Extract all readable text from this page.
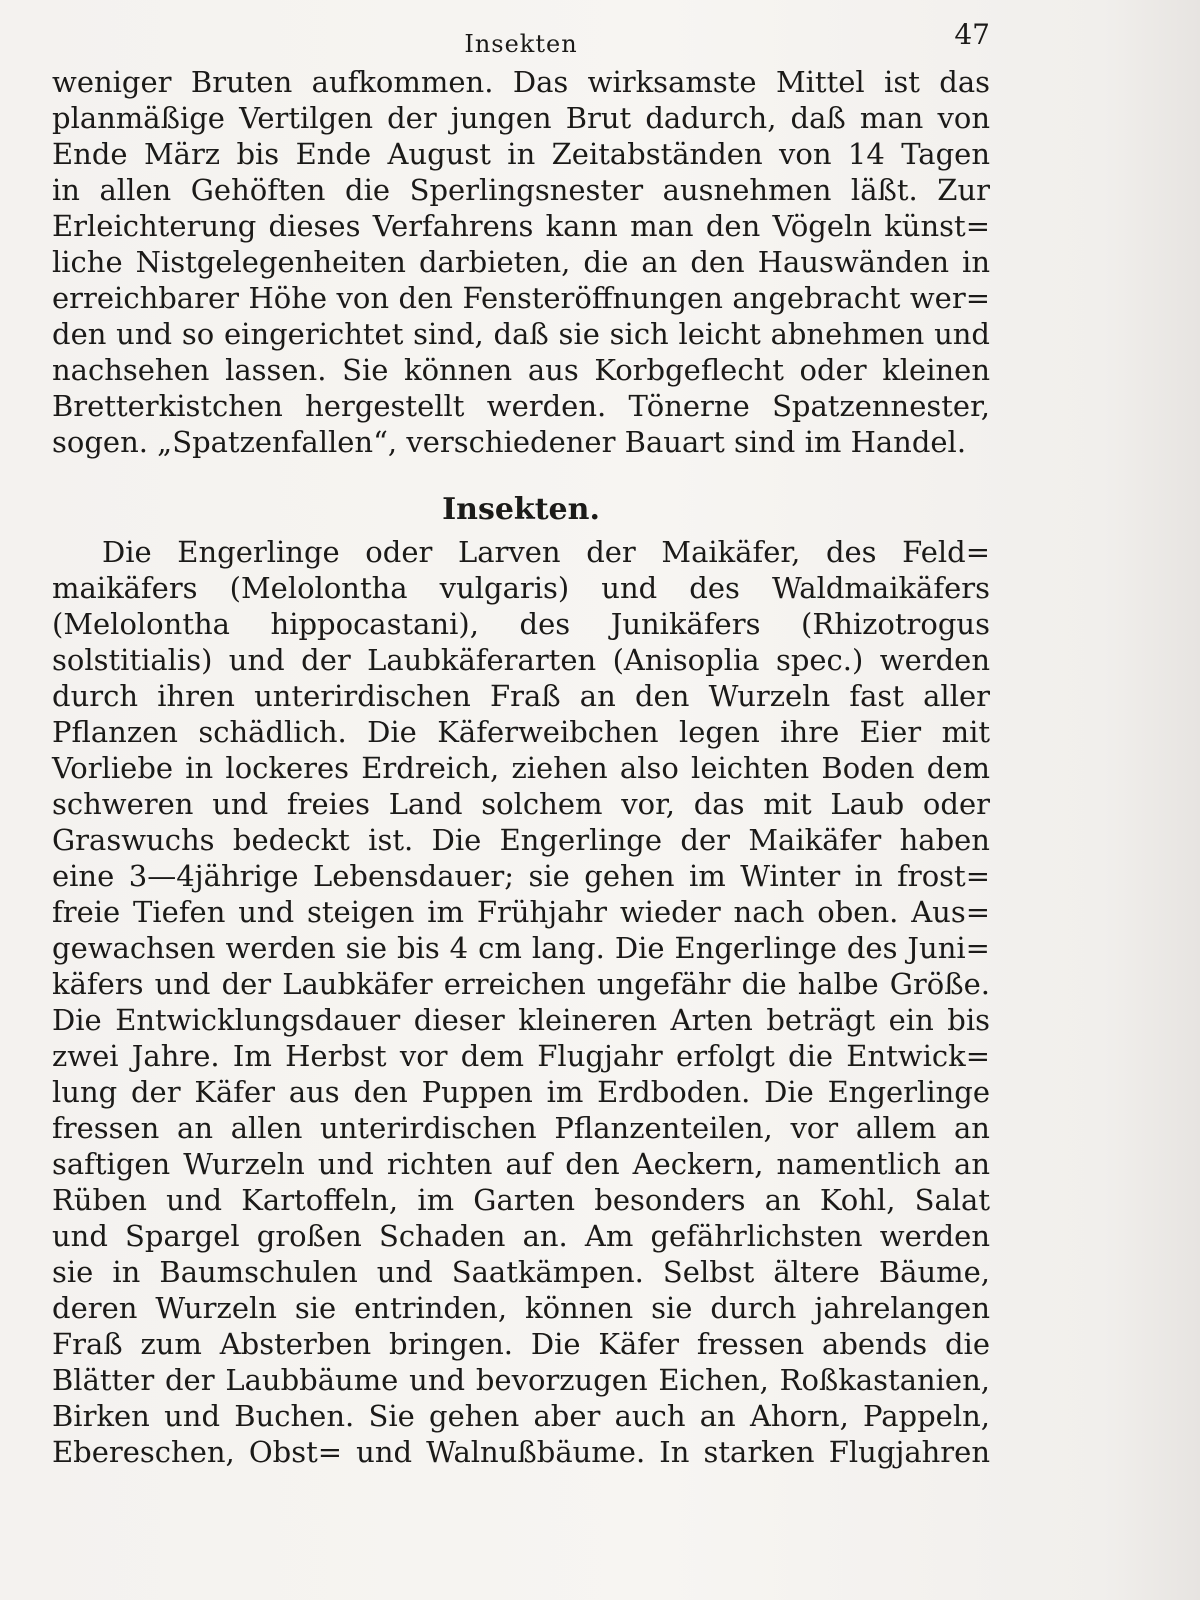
Insekten	47

weniger Bruten aufkommen. Das wirksamste Mittel ist das
planmäßige Vertilgen der jungen Brut dadurch, daß man von
Ende März bis Ende August in Zeitabständen von 14 Tagen
in allen Gehöften die Sperlingsnester ausnehmen läßt. Zur
Erleichterung dieses Verfahrens kann man den Vögeln künst=
liche Nistgelegenheiten darbieten, die an den Hauswänden in
erreichbarer Höhe von den Fensteröffnungen angebracht wer=
den und so eingerichtet sind, daß sie sich leicht abnehmen und
nachsehen lassen. Sie können aus Korbgeflecht oder kleinen
Bretterkistchen hergestellt werden. Tönerne Spatzennester,
sogen. „Spatzenfallen“, verschiedener Bauart sind im Handel.

Insekten.

Die Engerlinge oder Larven der Maikäfer, des Feld=
maikäfers (Melolontha vulgaris) und des Waldmaikäfers
(Melolontha hippocastani), des Junikäfers (Rhizotrogus
solstitialis) und der Laubkäferarten (Anisoplia spec.) werden
durch ihren unterirdischen Fraß an den Wurzeln fast aller
Pflanzen schädlich. Die Käferweibchen legen ihre Eier mit
Vorliebe in lockeres Erdreich, ziehen also leichten Boden dem
schweren und freies Land solchem vor, das mit Laub oder
Graswuchs bedeckt ist. Die Engerlinge der Maikäfer haben
eine 3—4jährige Lebensdauer; sie gehen im Winter in frost=
freie Tiefen und steigen im Frühjahr wieder nach oben. Aus=
gewachsen werden sie bis 4 cm lang. Die Engerlinge des Juni=
käfers und der Laubkäfer erreichen ungefähr die halbe Größe.
Die Entwicklungsdauer dieser kleineren Arten beträgt ein bis
zwei Jahre. Im Herbst vor dem Flugjahr erfolgt die Entwick=
lung der Käfer aus den Puppen im Erdboden. Die Engerlinge
fressen an allen unterirdischen Pflanzenteilen, vor allem an
saftigen Wurzeln und richten auf den Aeckern, namentlich an
Rüben und Kartoffeln, im Garten besonders an Kohl, Salat
und Spargel großen Schaden an. Am gefährlichsten werden
sie in Baumschulen und Saatkämpen. Selbst ältere Bäume,
deren Wurzeln sie entrinden, können sie durch jahrelangen
Fraß zum Absterben bringen. Die Käfer fressen abends die
Blätter der Laubbäume und bevorzugen Eichen, Roßkastanien,
Birken und Buchen. Sie gehen aber auch an Ahorn, Pappeln,
Ebereschen, Obst= und Walnußbäume. In starken Flugjahren
